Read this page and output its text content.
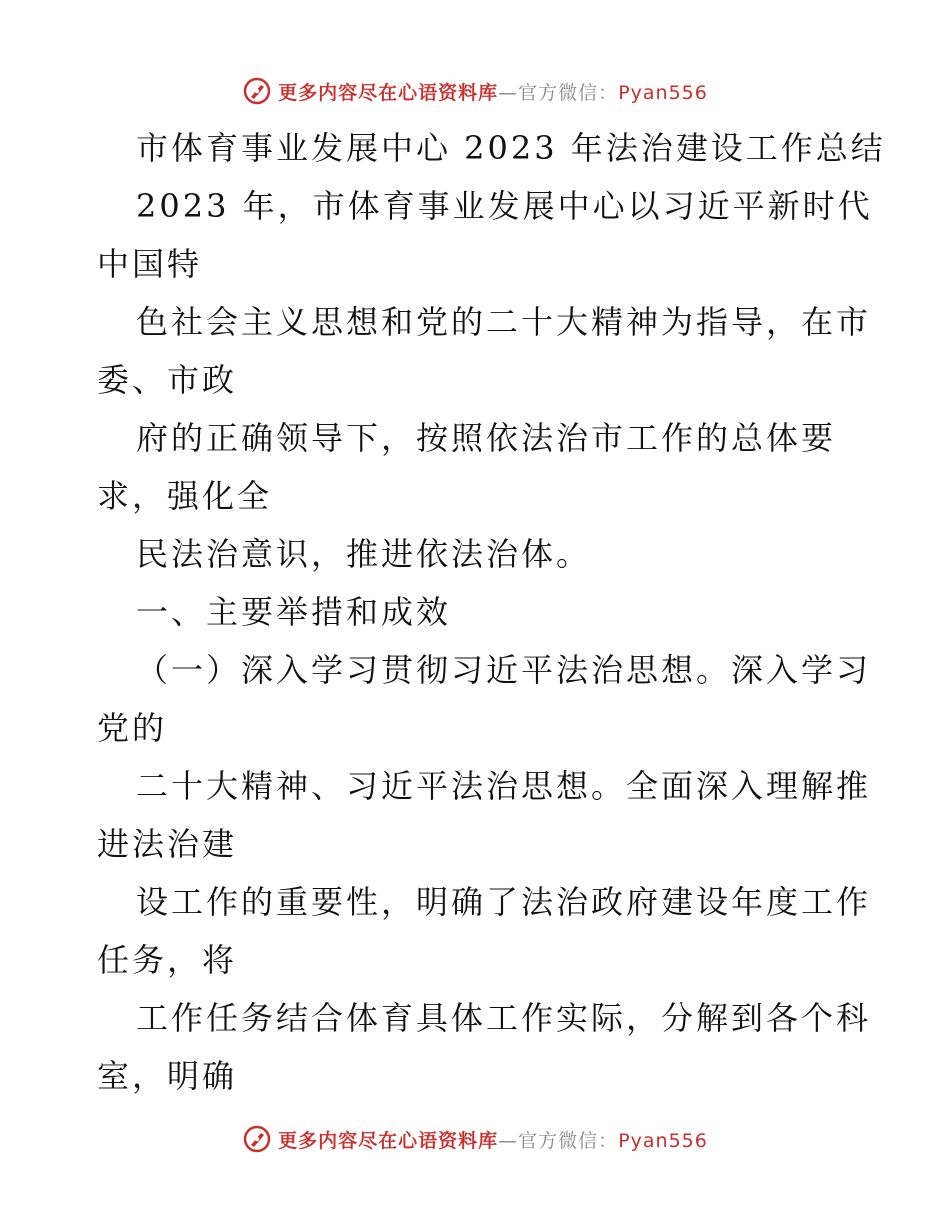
更多内容尽在心语资料库—官方微信：Pyan556
市体育事业发展中心 2023 年法治建设工作总结
2023 年，市体育事业发展中心以习近平新时代
中国特
色社会主义思想和党的二十大精神为指导，在市
委、市政
府的正确领导下，按照依法治市工作的总体要
求，强化全
民法治意识，推进依法治体。
一、主要举措和成效
（一）深入学习贯彻习近平法治思想。深入学习
党的
二十大精神、习近平法治思想。全面深入理解推
进法治建
设工作的重要性，明确了法治政府建设年度工作
任务，将
工作任务结合体育具体工作实际，分解到各个科
室，明确
更多内容尽在心语资料库—官方微信：Pyan556
